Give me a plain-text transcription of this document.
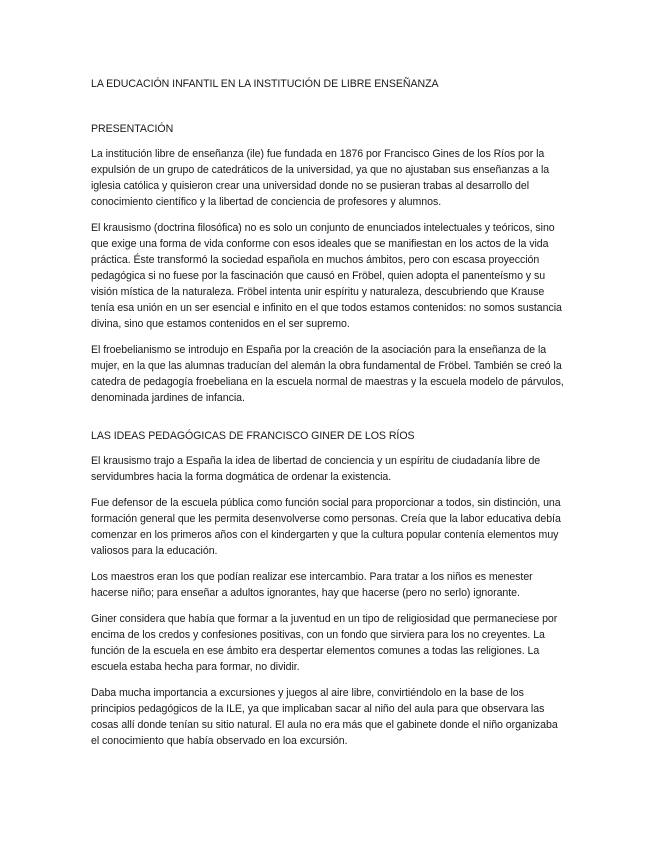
LA EDUCACIÓN INFANTIL EN LA INSTITUCIÓN DE LIBRE ENSEÑANZA
PRESENTACIÓN

La institución libre de enseñanza (ile) fue fundada en 1876 por Francisco Gines de los Ríos por la expulsión de un grupo de catedráticos de la universidad, ya que no ajustaban sus enseñanzas a la iglesia católica y quisieron crear una universidad donde no se pusieran trabas al desarrollo del conocimiento científico y la libertad de conciencia de profesores y alumnos.

El krausismo (doctrina filosófica) no es solo un conjunto de enunciados intelectuales y teóricos, sino que exige una forma de vida conforme con esos ideales que se manifiestan en los actos de la vida práctica. Éste transformó la sociedad española en muchos ámbitos, pero con escasa proyección pedagógica si no fuese por la fascinación que causó en Fröbel, quien adopta el panenteísmo y su visión mística de la naturaleza. Fröbel intenta unir espíritu y naturaleza, descubriendo que Krause tenía esa unión en un ser esencial e infinito en el que todos estamos contenidos: no somos sustancia divina, sino que estamos contenidos en el ser supremo.

El froebelianismo se introdujo en España por la creación de la asociación para la enseñanza de la mujer, en la que las alumnas traducían del alemán la obra fundamental de Fröbel. También se creó la catedra de pedagogía froebeliana en la escuela normal de maestras y la escuela modelo de párvulos, denominada jardines de infancia.

LAS IDEAS PEDAGÓGICAS DE FRANCISCO GINER DE LOS RÍOS

El krausismo trajo a España la idea de libertad de conciencia y un espíritu de ciudadanía libre de servidumbres hacia la forma dogmática de ordenar la existencia.

Fue defensor de la escuela pública como función social para proporcionar a todos, sin distinción, una formación general que les permita desenvolverse como personas. Creía que la labor educativa debía comenzar en los primeros años con el kindergarten y que la cultura popular contenía elementos muy valiosos para la educación.

Los maestros eran los que podían realizar ese intercambio. Para tratar a los niños es menester hacerse niño; para enseñar a adultos ignorantes, hay que hacerse (pero no serlo) ignorante.

Giner considera que había que formar a la juventud en un tipo de religiosidad que permaneciese por encima de los credos y confesiones positivas, con un fondo que sirviera para los no creyentes. La función de la escuela en ese ámbito era despertar elementos comunes a todas las religiones. La escuela estaba hecha para formar, no dividir.

Daba mucha importancia a excursiones y juegos al aire libre, convirtiéndolo en la base de los principios pedagógicos de la ILE, ya que implicaban sacar al niño del aula para que observara las cosas allí donde tenían su sitio natural. El aula no era más que el gabinete donde el niño organizaba el conocimiento que había observado en loa excursión.
